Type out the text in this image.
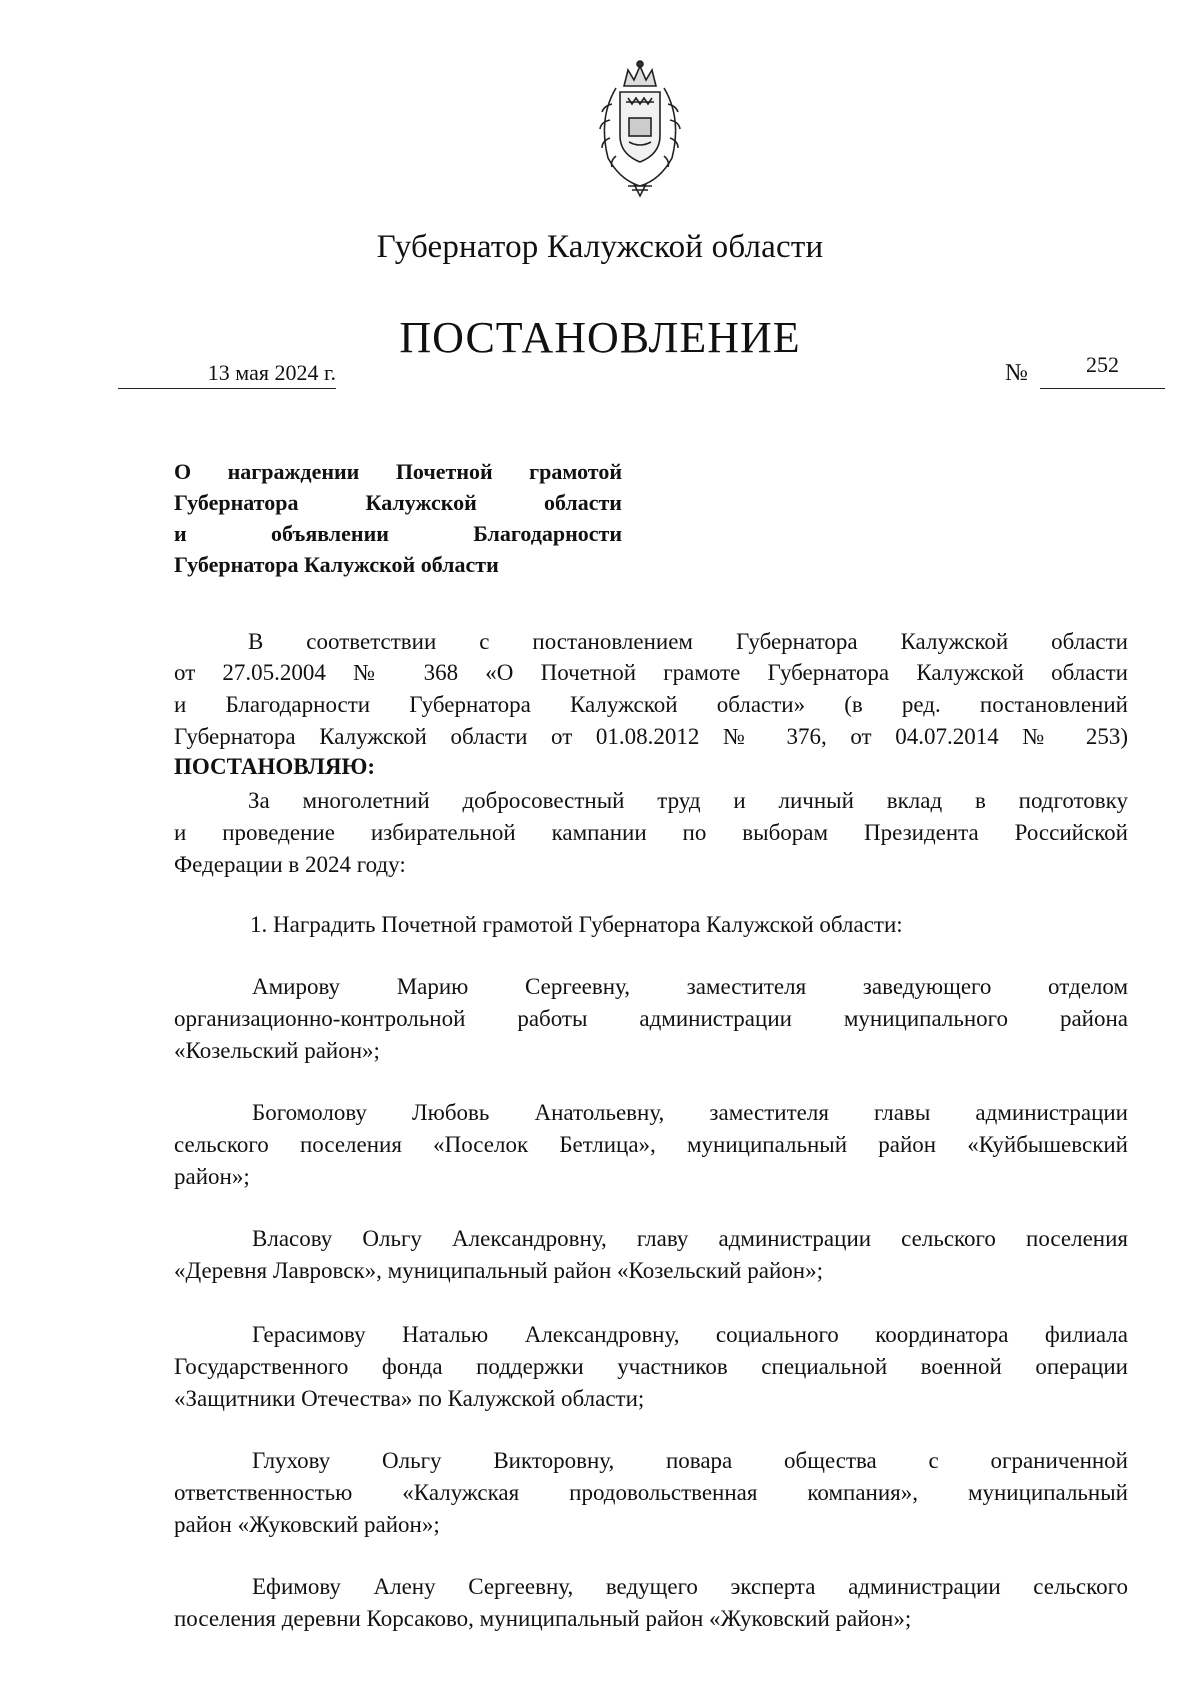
Губернатор Калужской области
ПОСТАНОВЛЕНИЕ
13 мая 2024 г.	№	252
О награждении Почетной грамотой
Губернатора Калужской области
и объявлении Благодарности
Губернатора Калужской области
В соответствии с постановлением Губернатора Калужской области
от 27.05.2004 № 368 «О Почетной грамоте Губернатора Калужской области
и Благодарности Губернатора Калужской области» (в ред. постановлений
Губернатора Калужской области от 01.08.2012 № 376, от 04.07.2014 № 253)
ПОСТАНОВЛЯЮ:
За многолетний добросовестный труд и личный вклад в подготовку
и проведение избирательной кампании по выборам Президента Российской
Федерации в 2024 году:
1. Наградить Почетной грамотой Губернатора Калужской области:
Амирову Марию Сергеевну, заместителя заведующего отделом
организационно-контрольной работы администрации муниципального района
«Козельский район»;
Богомолову Любовь Анатольевну, заместителя главы администрации
сельского поселения «Поселок Бетлица», муниципальный район «Куйбышевский
район»;
Власову Ольгу Александровну, главу администрации сельского поселения
«Деревня Лавровск», муниципальный район «Козельский район»;
Герасимову Наталью Александровну, социального координатора филиала
Государственного фонда поддержки участников специальной военной операции
«Защитники Отечества» по Калужской области;
Глухову Ольгу Викторовну, повара общества с ограниченной
ответственностью «Калужская продовольственная компания», муниципальный
район «Жуковский район»;
Ефимову Алену Сергеевну, ведущего эксперта администрации сельского
поселения деревни Корсаково, муниципальный район «Жуковский район»;
